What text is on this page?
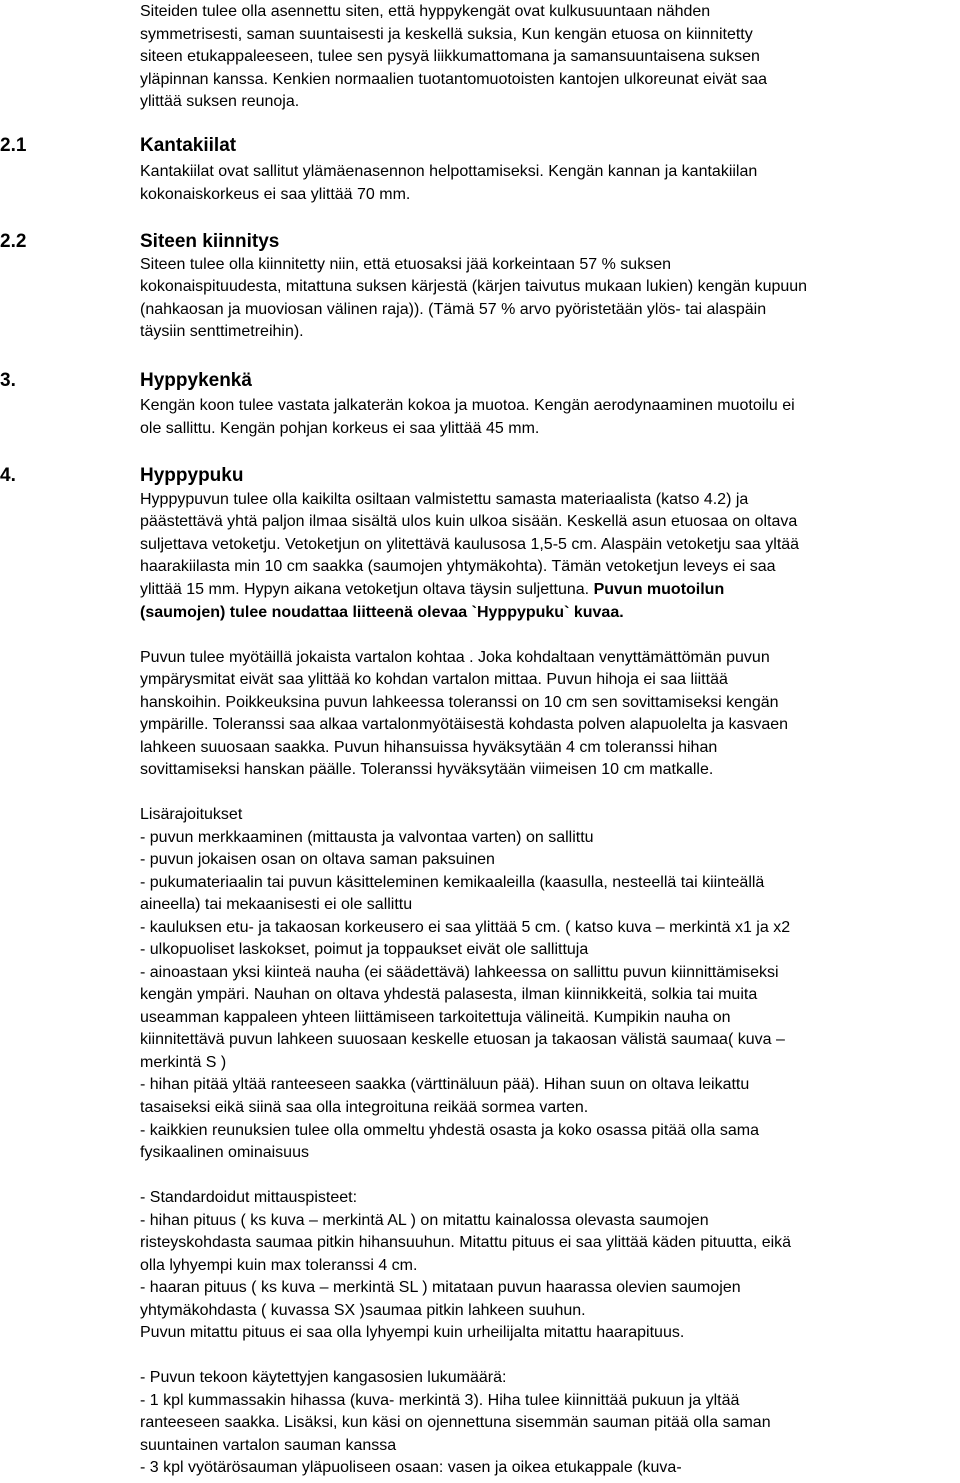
Siteiden tulee olla asennettu siten, että hyppykengät ovat kulkusuuntaan nähden
symmetrisesti, saman suuntaisesti ja keskellä suksia, Kun kengän etuosa on kiinnitetty
siteen etukappaleeseen, tulee sen pysyä liikkumattomana ja samansuuntaisena suksen
yläpinnan kanssa. Kenkien normaalien tuotantomuotoisten kantojen ulkoreunat eivät saa
ylittää suksen reunoja.
2.1	Kantakiilat
Kantakiilat ovat sallitut ylämäenasennon helpottamiseksi. Kengän kannan ja kantakiilan
kokonaiskorkeus ei saa ylittää 70 mm.
2.2	Siteen kiinnitys
Siteen tulee olla kiinnitetty niin, että etuosaksi jää korkeintaan 57 % suksen
kokonaispituudesta, mitattuna suksen kärjestä (kärjen taivutus mukaan lukien) kengän kupuun
(nahkaosan ja muoviosan välinen raja)). (Tämä 57 % arvo pyöristetään ylös- tai alaspäin
täysiin senttimetreihin).
3.	Hyppykenkä
Kengän koon tulee vastata jalkaterän kokoa ja muotoa. Kengän aerodynaaminen muotoilu ei
ole sallittu. Kengän pohjan korkeus ei saa ylittää 45 mm.
4.	Hyppypuku
Hyppypuvun tulee olla kaikilta osiltaan valmistettu samasta materiaalista (katso 4.2) ja
päästettävä yhtä paljon ilmaa sisältä ulos kuin ulkoa sisään. Keskellä asun etuosaa on oltava
suljettava vetoketju. Vetoketjun on ylitettävä kaulusosa 1,5-5 cm. Alaspäin vetoketju saa yltää
haarakiilasta min 10 cm saakka (saumojen yhtymäkohta). Tämän vetoketjun leveys ei saa
ylittää 15 mm. Hypyn aikana vetoketjun oltava täysin suljettuna. Puvun muotoilun
(saumojen) tulee noudattaa liitteenä olevaa `Hyppypuku` kuvaa.
Puvun tulee myötäillä jokaista vartalon kohtaa . Joka kohdaltaan venyttämättömän puvun
ympärysmitat eivät saa ylittää ko kohdan vartalon mittaa. Puvun hihoja ei saa liittää
hanskoihin. Poikkeuksina puvun lahkeessa toleranssi on 10 cm sen sovittamiseksi kengän
ympärille. Toleranssi saa alkaa vartalonmyötäisestä kohdasta polven alapuolelta ja kasvaen
lahkeen suuosaan saakka. Puvun hihansuissa hyväksytään 4 cm toleranssi hihan
sovittamiseksi hanskan päälle. Toleranssi hyväksytään viimeisen 10 cm matkalle.
Lisärajoitukset
- puvun merkkaaminen (mittausta ja valvontaa varten) on sallittu
- puvun jokaisen osan on oltava saman paksuinen
- pukumateriaalin tai puvun käsitteleminen kemikaaleilla (kaasulla, nesteellä tai kiinteällä
aineella) tai mekaanisesti ei ole sallittu
- kauluksen etu- ja takaosan korkeusero ei saa ylittää 5 cm. ( katso kuva – merkintä x1 ja x2
- ulkopuoliset laskokset, poimut ja toppaukset eivät ole sallittuja
- ainoastaan yksi kiinteä nauha (ei säädettävä) lahkeessa on sallittu puvun kiinnittämiseksi
kengän ympäri. Nauhan on oltava yhdestä palasesta, ilman kiinnikkeitä, solkia tai muita
useamman kappaleen yhteen liittämiseen tarkoitettuja välineitä. Kumpikin nauha on
kiinnitettävä puvun lahkeen suuosaan keskelle etuosan ja takaosan välistä saumaa( kuva –
merkintä S )
- hihan pitää yltää ranteeseen saakka (värttinäluun pää). Hihan suun on oltava leikattu
tasaiseksi eikä siinä saa olla integroituna reikää sormea varten.
- kaikkien reunuksien tulee olla ommeltu yhdestä osasta ja koko osassa pitää olla sama
fysikaalinen ominaisuus
- Standardoidut mittauspisteet:
- hihan pituus ( ks kuva – merkintä AL ) on mitattu kainalossa olevasta saumojen
risteyskohdasta saumaa pitkin hihansuuhun. Mitattu pituus ei saa ylittää käden pituutta, eikä
olla lyhyempi kuin max toleranssi 4 cm.
- haaran pituus ( ks kuva – merkintä SL ) mitataan puvun haarassa olevien saumojen
yhtymäkohdasta ( kuvassa SX )saumaa pitkin lahkeen suuhun.
Puvun mitattu pituus ei saa olla lyhyempi kuin urheilijalta mitattu haarapituus.
- Puvun tekoon käytettyjen kangasosien lukumäärä:
- 1 kpl kummassakin hihassa (kuva- merkintä 3). Hiha tulee kiinnittää pukuun ja yltää
ranteeseen saakka. Lisäksi, kun käsi on ojennettuna sisemmän sauman pitää olla saman
suuntainen vartalon sauman kanssa
- 3 kpl vyötärösauman yläpuoliseen osaan: vasen ja oikea etukappale (kuva-
